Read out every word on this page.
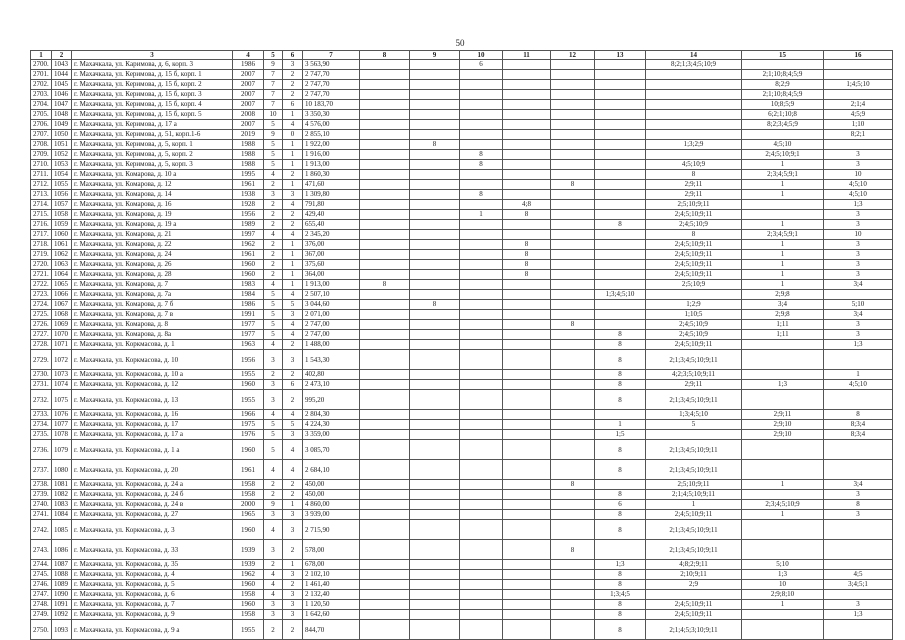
50
1	2	3	4	5	6	7	8	9	10	11	12	13	14	15	16
2700.	1043	г. Махачкала, ул. Каримова, д. 6, корп. 3	1986	9	3	3 563,90			6				8;2;1;3;4;5;10;9		
2701.	1044	г. Махачкала, ул. Керимова, д. 15 б, корп. 1	2007	7	2	2 747,70								2;1;10;8;4;5;9	
2702.	1045	г. Махачкала, ул. Керимова, д. 15 б, корп. 2	2007	7	2	2 747,70								8;2;9	1;4;5;10
2703.	1046	г. Махачкала, ул. Керимова, д. 15 б, корп. 3	2007	7	2	2 747,70								2;1;10;8;4;5;9	
2704.	1047	г. Махачкала, ул. Керимова, д. 15 б, корп. 4	2007	7	6	10 183,70								10;8;5;9	2;1;4
2705.	1048	г. Махачкала, ул. Керимова, д. 15 б, корп. 5	2008	10	1	3 350,30								6;2;1;10;8	4;5;9
2706.	1049	г. Махачкала, ул. Керимова, д. 17 а	2007	5	4	4 576,00								8;2;3;4;5;9	1;10
2707.	1050	г. Махачкала, ул. Керимова, д. 51, корп.1-6	2019	9	0	2 855,10									8;2;1
2708.	1051	г. Махачкала, ул. Керимова, д. 5, корп. 1	1988	5	1	1 922,00		8					1;3;2;9	4;5;10	
2709.	1052	г. Махачкала, ул. Керимова, д. 5, корп. 2	1988	5	1	1 916,00			8					2;4;5;10;9;1	3
2710.	1053	г. Махачкала, ул. Керимова, д. 5, корп. 3	1988	5	1	1 913,00			8				4;5;10;9	1	3
2711.	1054	г. Махачкала, ул. Комарова, д. 10 а	1995	4	2	1 860,30							8	2;3;4;5;9;1	10
2712.	1055	г. Махачкала, ул. Комарова, д. 12	1961	2	1	471,60					8		2;9;11	1	4;5;10
2713.	1056	г. Махачкала, ул. Комарова, д. 14	1938	3	3	1 309,80			8				2;9;11	1	4;5;10
2714.	1057	г. Махачкала, ул. Комарова, д. 16	1928	2	4	791,80				4;8			2;5;10;9;11		1;3
2715.	1058	г. Махачкала, ул. Комарова, д. 19	1956	2	2	429,40			1	8			2;4;5;10;9;11		3
2716.	1059	г. Махачкала, ул. Комарова, д. 19 а	1989	2	2	655,40						8	2;4;5;10;9	1	3
2717.	1060	г. Махачкала, ул. Комарова, д. 21	1997	4	4	2 345,20							8	2;3;4;5;9;1	10
2718.	1061	г. Махачкала, ул. Комарова, д. 22	1962	2	1	376,00				8			2;4;5;10;9;11	1	3
2719.	1062	г. Махачкала, ул. Комарова, д. 24	1961	2	1	367,00				8			2;4;5;10;9;11	1	3
2720.	1063	г. Махачкала, ул. Комарова, д. 26	1960	2	1	375,60				8			2;4;5;10;9;11	1	3
2721.	1064	г. Махачкала, ул. Комарова, д. 28	1960	2	1	364,00				8			2;4;5;10;9;11	1	3
2722.	1065	г. Махачкала, ул. Комарова, д. 7	1983	4	1	1 913,00	8						2;5;10;9	1	3;4
2723.	1066	г. Махачкала, ул. Комарова, д. 7а	1984	5	4	2 507,10						1;3;4;5;10		2;9;8	
2724.	1067	г. Махачкала, ул. Комарова, д. 7 б	1986	5	5	3 044,60		8					1;2;9	3;4	5;10
2725.	1068	г. Махачкала, ул. Комарова, д. 7 в	1991	5	3	2 071,00							1;10;5	2;9;8	3;4
2726.	1069	г. Махачкала, ул. Комарова, д. 8	1977	5	4	2 747,00					8		2;4;5;10;9	1;11	3
2727.	1070	г. Махачкала, ул. Комарова, д. 8а	1977	5	4	2 747,00						8	2;4;5;10;9	1;11	3
2728.	1071	г. Махачкала, ул. Коркмасова, д. 1	1963	4	2	1 488,00						8	2;4;5;10;9;11		1;3
2729.	1072	г. Махачкала, ул. Коркмасова, д. 10	1956	3	3	1 543,30						8	2;1;3;4;5;10;9;11		
2730.	1073	г. Махачкала, ул. Коркмасова, д. 10 а	1955	2	2	402,80						8	4;2;3;5;10;9;11		1
2731.	1074	г. Махачкала, ул. Коркмасова, д. 12	1960	3	6	2 473,10						8	2;9;11	1;3	4;5;10
2732.	1075	г. Махачкала, ул. Коркмасова, д. 13	1955	3	2	995,20						8	2;1;3;4;5;10;9;11		
2733.	1076	г. Махачкала, ул. Коркмасова, д. 16	1966	4	4	2 804,30							1;3;4;5;10	2;9;11	8
2734.	1077	г. Махачкала, ул. Коркмасова, д. 17	1975	5	5	4 224,30						1	5	2;9;10	8;3;4
2735.	1078	г. Махачкала, ул. Коркмасова, д. 17 а	1976	5	3	3 359,00						1;5		2;9;10	8;3;4
2736.	1079	г. Махачкала, ул. Коркмасова, д. 1 а	1960	5	4	3 085,70						8	2;1;3;4;5;10;9;11		
2737.	1080	г. Махачкала, ул. Коркмасова, д. 20	1961	4	4	2 684,10						8	2;1;3;4;5;10;9;11		
2738.	1081	г. Махачкала, ул. Коркмасова, д. 24 а	1958	2	2	450,00					8		2;5;10;9;11	1	3;4
2739.	1082	г. Махачкала, ул. Коркмасова, д. 24 б	1958	2	2	450,00						8	2;1;4;5;10;9;11		3
2740.	1083	г. Махачкала, ул. Коркмасова, д. 24 в	2000	9	1	4 860,00						6	1	2;3;4;5;10;9	8
2741.	1084	г. Махачкала, ул. Коркмасова, д. 27	1965	3	3	3 939,00						8	2;4;5;10;9;11	1	3
2742.	1085	г. Махачкала, ул. Коркмасова, д. 3	1960	4	3	2 715,90						8	2;1;3;4;5;10;9;11		
2743.	1086	г. Махачкала, ул. Коркмасова, д. 33	1939	3	2	578,00					8		2;1;3;4;5;10;9;11		
2744.	1087	г. Махачкала, ул. Коркмасова, д. 35	1939	2	1	678,00						1;3	4;8;2;9;11	5;10	
2745.	1088	г. Махачкала, ул. Коркмасова, д. 4	1962	4	3	2 102,10						8	2;10;9;11	1;3	4;5
2746.	1089	г. Махачкала, ул. Коркмасова, д. 5	1960	4	2	1 461,40						8	2;9	10	3;4;5;1
2747.	1090	г. Махачкала, ул. Коркмасова, д. 6	1958	4	3	2 132,40						1;3;4;5		2;9;8;10	
2748.	1091	г. Махачкала, ул. Коркмасова, д. 7	1960	3	3	1 120,50						8	2;4;5;10;9;11	1	3
2749.	1092	г. Махачкала, ул. Коркмасова, д. 9	1958	3	3	1 642,60						8	2;4;5;10;9;11		1;3
2750.	1093	г. Махачкала, ул. Коркмасова, д. 9 а	1955	2	2	844,70						8	2;1;4;5;3;10;9;11		
